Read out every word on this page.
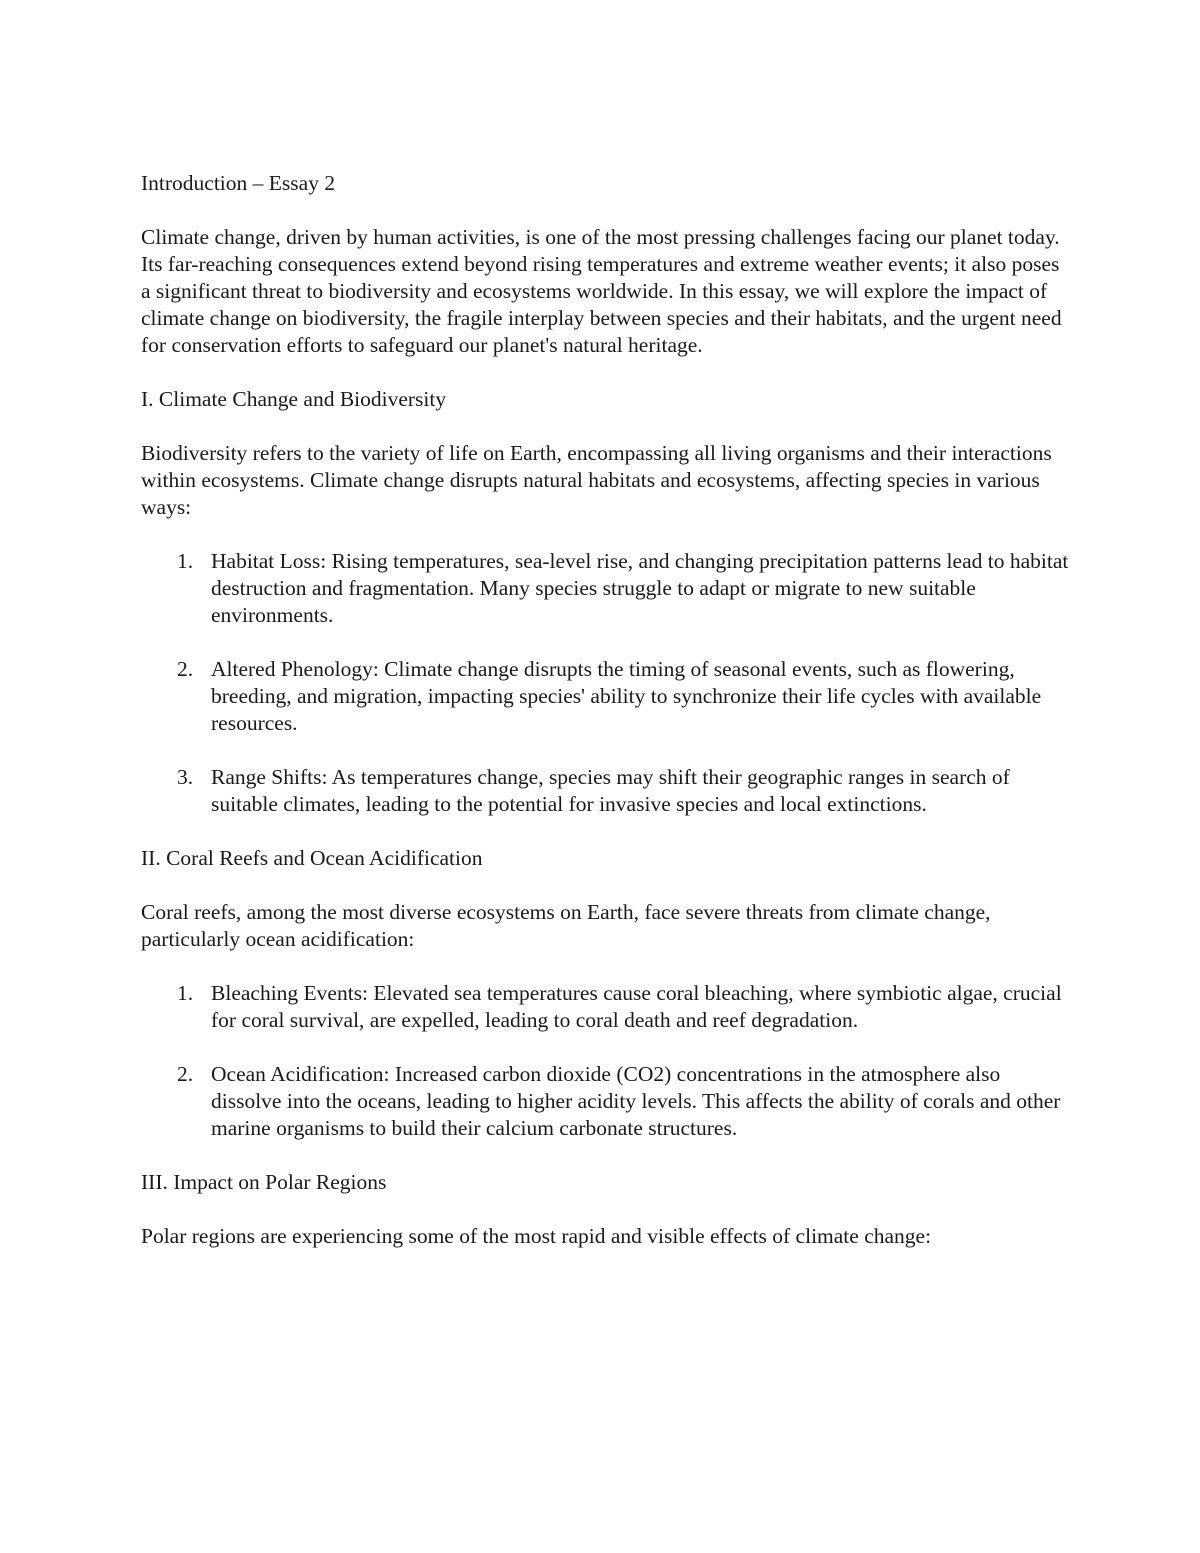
Introduction – Essay 2

Climate change, driven by human activities, is one of the most pressing challenges facing our planet today. Its far-reaching consequences extend beyond rising temperatures and extreme weather events; it also poses a significant threat to biodiversity and ecosystems worldwide. In this essay, we will explore the impact of climate change on biodiversity, the fragile interplay between species and their habitats, and the urgent need for conservation efforts to safeguard our planet's natural heritage.

I. Climate Change and Biodiversity

Biodiversity refers to the variety of life on Earth, encompassing all living organisms and their interactions within ecosystems. Climate change disrupts natural habitats and ecosystems, affecting species in various ways:

1. Habitat Loss: Rising temperatures, sea-level rise, and changing precipitation patterns lead to habitat destruction and fragmentation. Many species struggle to adapt or migrate to new suitable environments.
2. Altered Phenology: Climate change disrupts the timing of seasonal events, such as flowering, breeding, and migration, impacting species' ability to synchronize their life cycles with available resources.
3. Range Shifts: As temperatures change, species may shift their geographic ranges in search of suitable climates, leading to the potential for invasive species and local extinctions.

II. Coral Reefs and Ocean Acidification

Coral reefs, among the most diverse ecosystems on Earth, face severe threats from climate change, particularly ocean acidification:

1. Bleaching Events: Elevated sea temperatures cause coral bleaching, where symbiotic algae, crucial for coral survival, are expelled, leading to coral death and reef degradation.
2. Ocean Acidification: Increased carbon dioxide (CO2) concentrations in the atmosphere also dissolve into the oceans, leading to higher acidity levels. This affects the ability of corals and other marine organisms to build their calcium carbonate structures.

III. Impact on Polar Regions

Polar regions are experiencing some of the most rapid and visible effects of climate change:
